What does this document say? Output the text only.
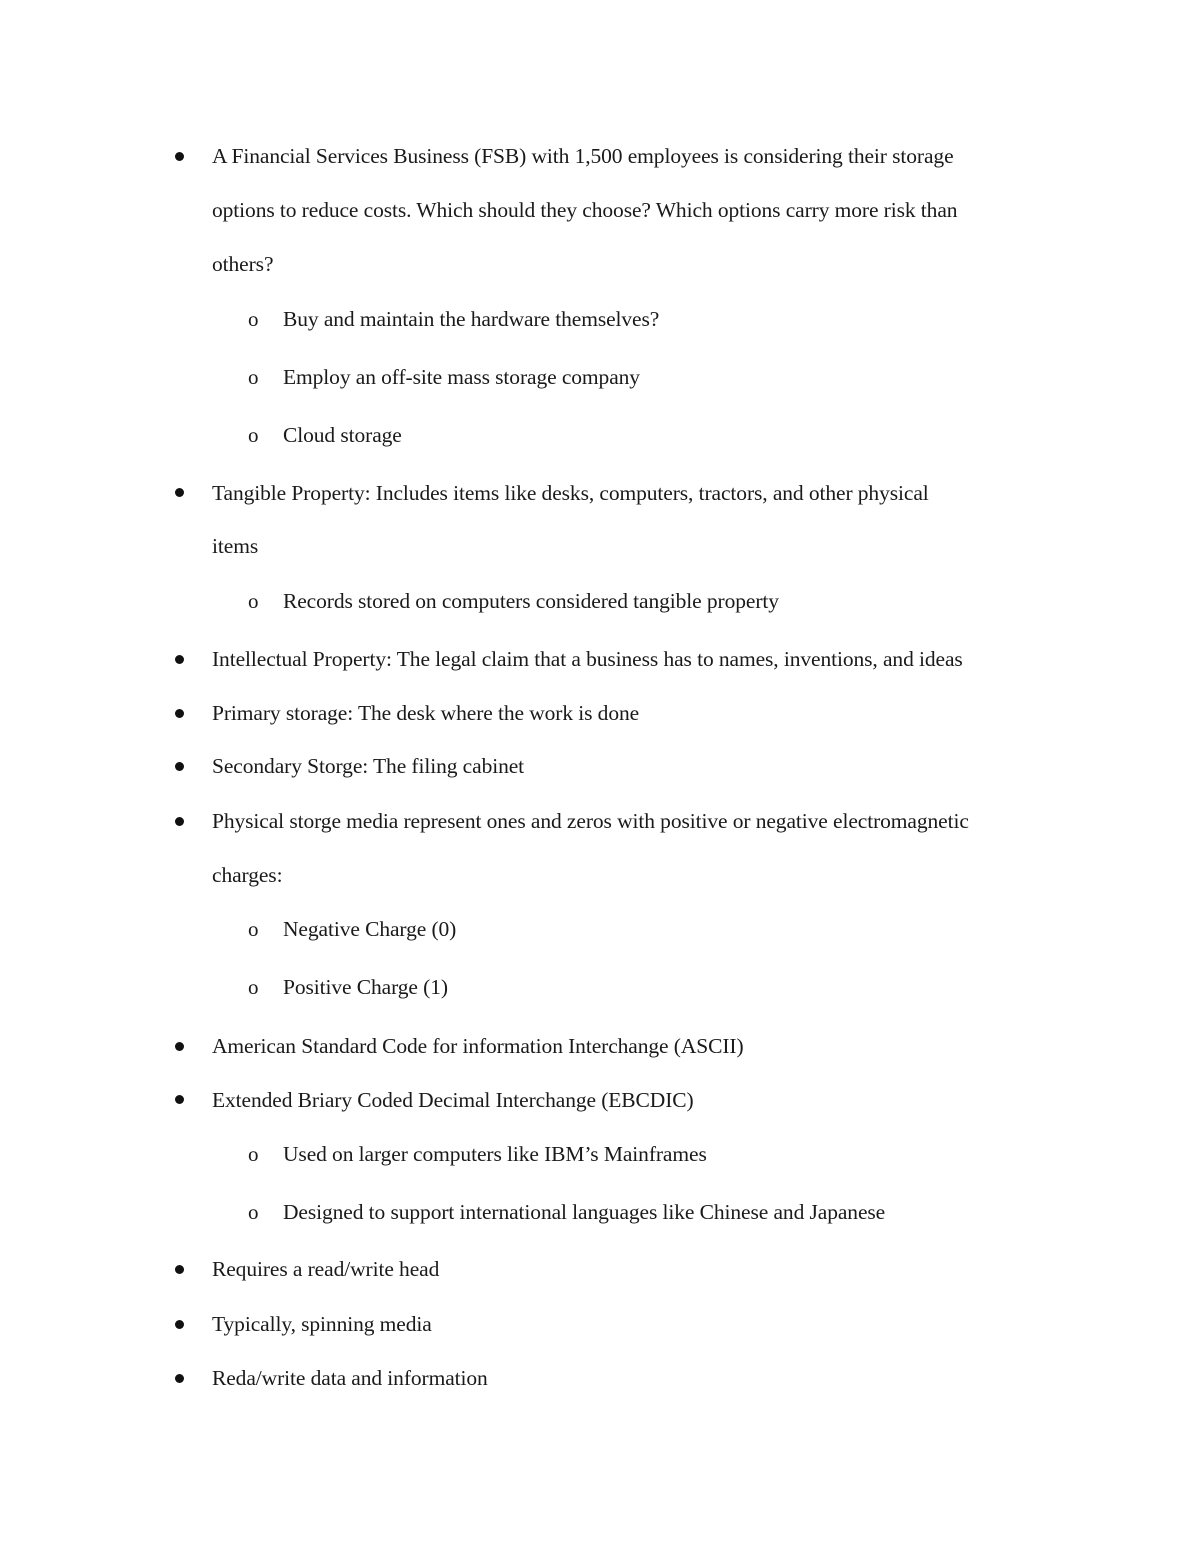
A Financial Services Business (FSB) with 1,500 employees is considering their storage
options to reduce costs. Which should they choose? Which options carry more risk than
others?
o Buy and maintain the hardware themselves?
o Employ an off-site mass storage company
o Cloud storage
Tangible Property: Includes items like desks, computers, tractors, and other physical
items
o Records stored on computers considered tangible property
Intellectual Property: The legal claim that a business has to names, inventions, and ideas
Primary storage: The desk where the work is done
Secondary Storge: The filing cabinet
Physical storge media represent ones and zeros with positive or negative electromagnetic
charges:
o Negative Charge (0)
o Positive Charge (1)
American Standard Code for information Interchange (ASCII)
Extended Briary Coded Decimal Interchange (EBCDIC)
o Used on larger computers like IBM’s Mainframes
o Designed to support international languages like Chinese and Japanese
Requires a read/write head
Typically, spinning media
Reda/write data and information
